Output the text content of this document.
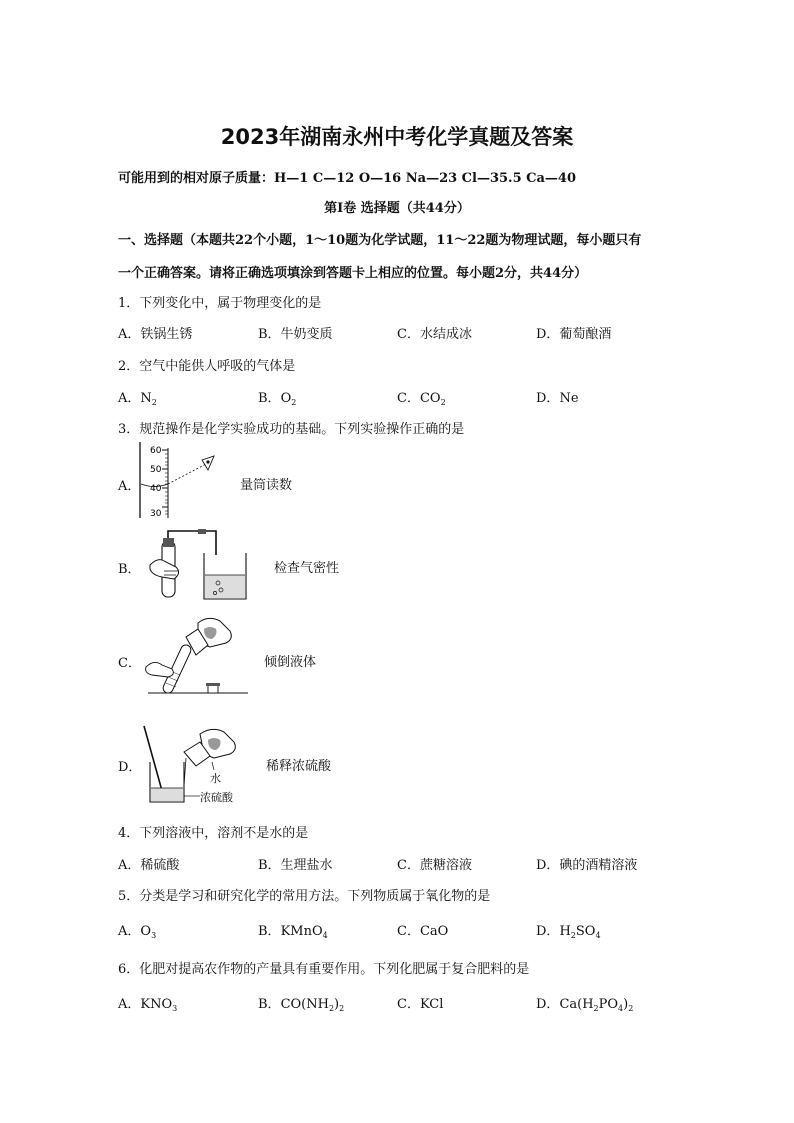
2023年湖南永州中考化学真题及答案
可能用到的相对原子质量：H—1 C—12 O—16 Na—23 Cl—35.5 Ca—40
第Ⅰ卷 选择题（共44分）
一、选择题（本题共22个小题，1～10题为化学试题，11～22题为物理试题，每小题只有
一个正确答案。请将正确选项填涂到答题卡上相应的位置。每小题2分，共44分）
1．下列变化中，属于物理变化的是
A．铁锅生锈	B．牛奶变质	C．水结成冰	D．葡萄酿酒
2．空气中能供人呼吸的气体是
A．$N_2$	B．$O_2$	C．$CO_2$	D．Ne
3．规范操作是化学实验成功的基础。下列实验操作正确的是
A．
60
50
40
30
量筒读数
B．	检查气密性
C．	倾倒液体
D．
水
浓硫酸
稀释浓硫酸
4．下列溶液中，溶剂不是水的是
A．稀硫酸	B．生理盐水	C．蔗糖溶液	D．碘的酒精溶液
5．分类是学习和研究化学的常用方法。下列物质属于氧化物的是
A．$O_3$	B．KMnO$_4$	C．CaO	D．$H_2SO_4$
6．化肥对提高农作物的产量具有重要作用。下列化肥属于复合肥料的是
A．$KNO_3$	B．$CO(NH_2)_2$	C．KCl	D．$Ca(H_2PO_4)_2$
